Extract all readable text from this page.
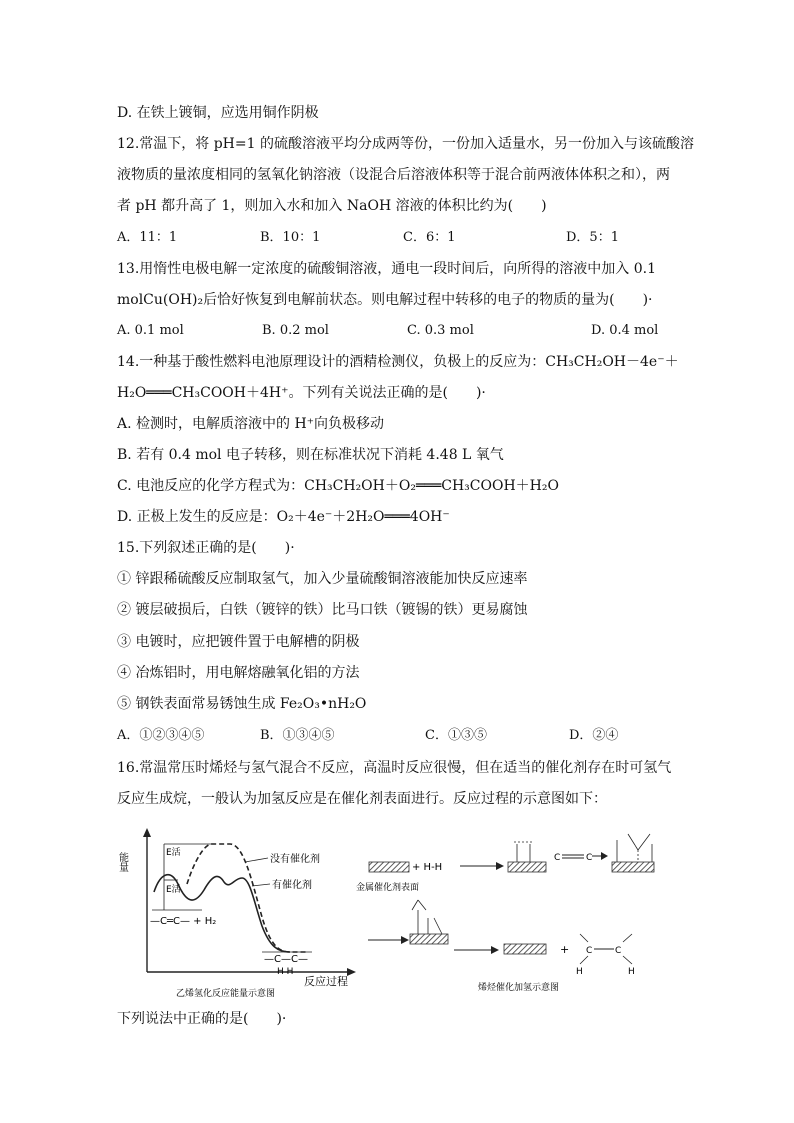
D. 在铁上镀铜，应选用铜作阴极
12.常温下，将 pH=1 的硫酸溶液平均分成两等份，一份加入适量水，另一份加入与该硫酸溶
液物质的量浓度相同的氢氧化钠溶液（设混合后溶液体积等于混合前两液体体积之和），两
者 pH 都升高了 1，则加入水和加入 NaOH 溶液的体积比约为(　　)
A．11：1	B．10：1	C．6：1	D．5：1
13.用惰性电极电解一定浓度的硫酸铜溶液，通电一段时间后，向所得的溶液中加入 0.1
molCu(OH)₂后恰好恢复到电解前状态。则电解过程中转移的电子的物质的量为(　　)·
A. 0.1 mol	B. 0.2 mol	C. 0.3 mol	D. 0.4 mol
14.一种基于酸性燃料电池原理设计的酒精检测仪，负极上的反应为：CH₃CH₂OH－4e⁻＋
H₂O═══CH₃COOH＋4H⁺。下列有关说法正确的是(　　)·
A. 检测时，电解质溶液中的 H⁺向负极移动
B. 若有 0.4 mol 电子转移，则在标准状况下消耗 4.48 L 氧气
C. 电池反应的化学方程式为：CH₃CH₂OH＋O₂═══CH₃COOH＋H₂O
D. 正极上发生的反应是：O₂＋4e⁻＋2H₂O═══4OH⁻
15.下列叙述正确的是(　　)·
① 锌跟稀硫酸反应制取氢气，加入少量硫酸铜溶液能加快反应速率
② 镀层破损后，白铁（镀锌的铁）比马口铁（镀锡的铁）更易腐蚀
③ 电镀时，应把镀件置于电解槽的阴极
④ 冶炼铝时，用电解熔融氧化铝的方法
⑤ 钢铁表面常易锈蚀生成 Fe₂O₃•nH₂O
A．①②③④⑤	B．①③④⑤	C．①③⑤	D．②④
16.常温常压时烯烃与氢气混合不反应，高温时反应很慢，但在适当的催化剂存在时可氢气
反应生成烷，一般认为加氢反应是在催化剂表面进行。反应过程的示意图如下：
能量	E活
E活
没有催化剂
有催化剂
—C═C— + H₂
—C—C—
H H
反应过程
乙烯氢化反应能量示意图
+ H-H
C	C
金属催化剂表面
+ C	C
H	H
烯烃催化加氢示意图
下列说法中正确的是(　　)·
